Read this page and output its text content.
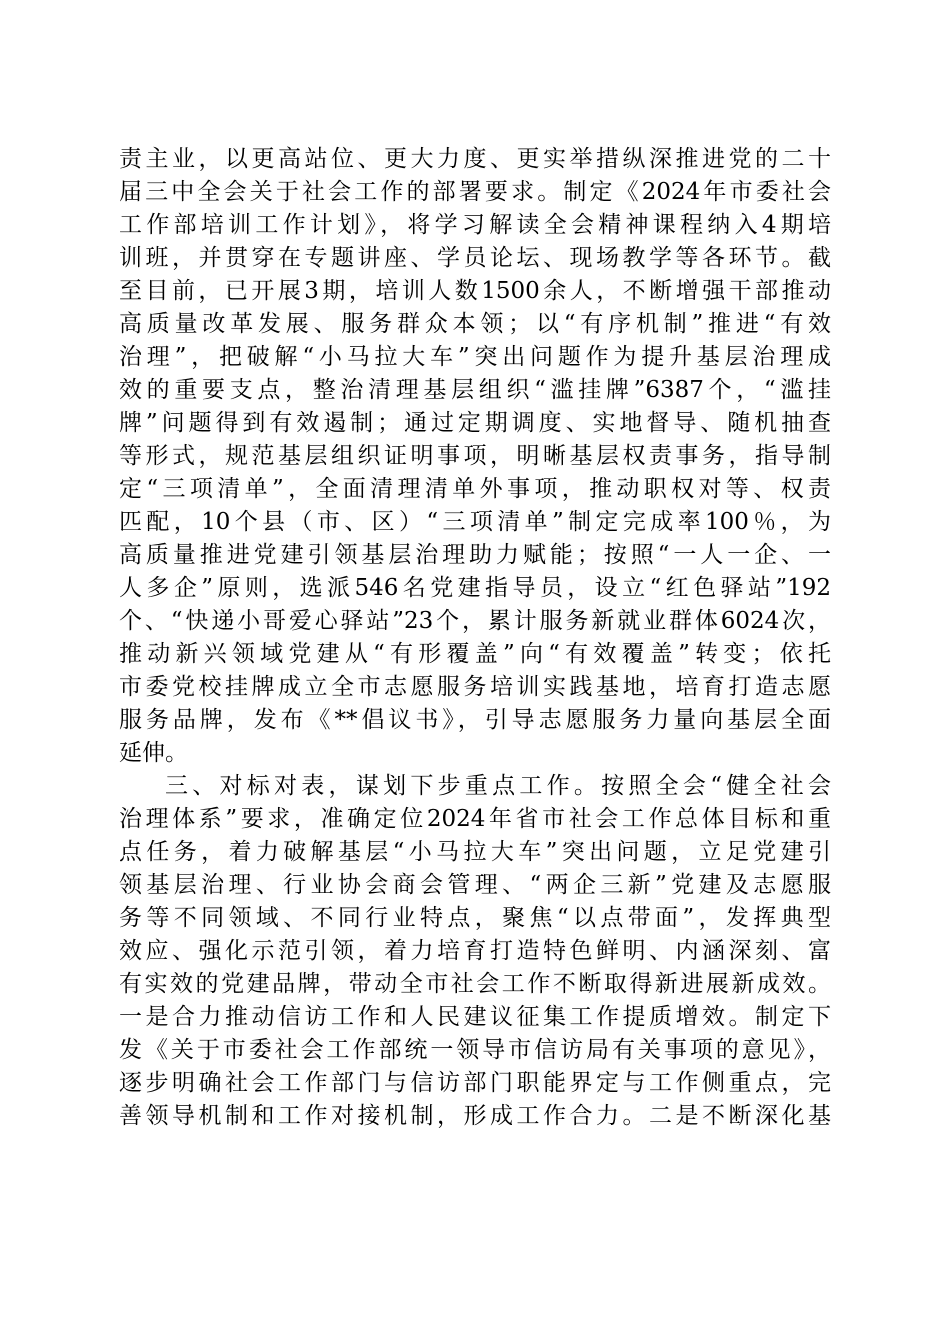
责主业，以更高站位、更大力度、更实举措纵深推进党的二十
届三中全会关于社会工作的部署要求。制定《2024年市委社会
工作部培训工作计划》，将学习解读全会精神课程纳入4期培
训班，并贯穿在专题讲座、学员论坛、现场教学等各环节。截
至目前，已开展3期，培训人数1500余人，不断增强干部推动
高质量改革发展、服务群众本领；以“有序机制”推进“有效
治理”，把破解“小马拉大车”突出问题作为提升基层治理成
效的重要支点，整治清理基层组织“滥挂牌”6387个，“滥挂
牌”问题得到有效遏制；通过定期调度、实地督导、随机抽查
等形式，规范基层组织证明事项，明晰基层权责事务，指导制
定“三项清单”，全面清理清单外事项，推动职权对等、权责
匹配，10个县（市、区）“三项清单”制定完成率100％，为
高质量推进党建引领基层治理助力赋能；按照“一人一企、一
人多企”原则，选派546名党建指导员，设立“红色驿站”192
个、“快递小哥爱心驿站”23个，累计服务新就业群体6024次，
推动新兴领域党建从“有形覆盖”向“有效覆盖”转变；依托
市委党校挂牌成立全市志愿服务培训实践基地，培育打造志愿
服务品牌，发布《**倡议书》，引导志愿服务力量向基层全面
延伸。
三、对标对表，谋划下步重点工作。按照全会“健全社会
治理体系”要求，准确定位2024年省市社会工作总体目标和重
点任务，着力破解基层“小马拉大车”突出问题，立足党建引
领基层治理、行业协会商会管理、“两企三新”党建及志愿服
务等不同领域、不同行业特点，聚焦“以点带面”，发挥典型
效应、强化示范引领，着力培育打造特色鲜明、内涵深刻、富
有实效的党建品牌，带动全市社会工作不断取得新进展新成效。
一是合力推动信访工作和人民建议征集工作提质增效。制定下
发《关于市委社会工作部统一领导市信访局有关事项的意见》，
逐步明确社会工作部门与信访部门职能界定与工作侧重点，完
善领导机制和工作对接机制，形成工作合力。二是不断深化基
